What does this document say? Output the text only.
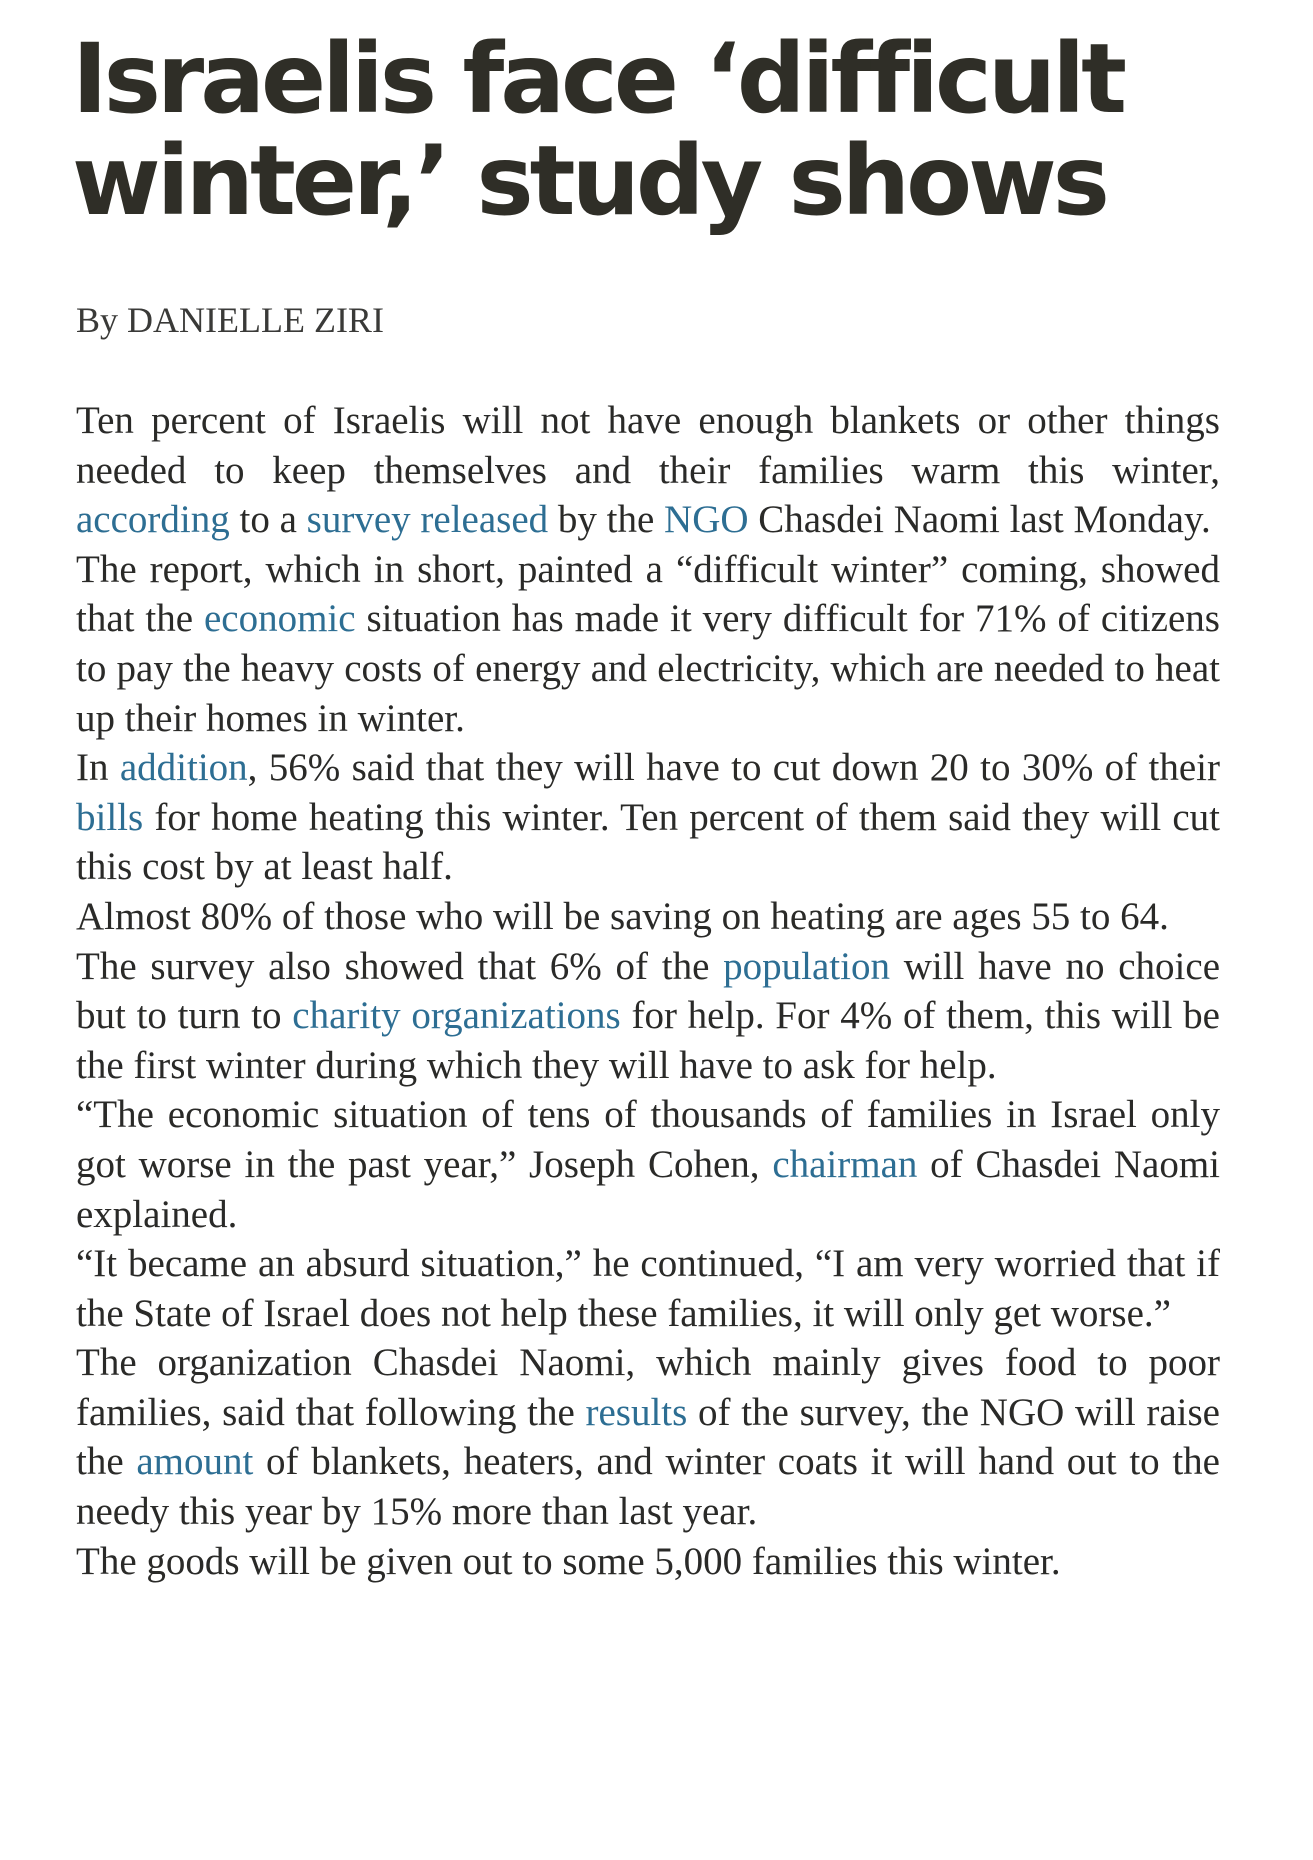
Israelis face ‘difficult winter,’ study shows

By DANIELLE ZIRI

Ten percent of Israelis will not have enough blankets or other things needed to keep themselves and their families warm this winter, according to a survey released by the NGO Chasdei Naomi last Monday.

The report, which in short, painted a “difficult winter” coming, showed that the economic situation has made it very difficult for 71% of citizens to pay the heavy costs of energy and electricity, which are needed to heat up their homes in winter.

In addition, 56% said that they will have to cut down 20 to 30% of their bills for home heating this winter. Ten percent of them said they will cut this cost by at least half.

Almost 80% of those who will be saving on heating are ages 55 to 64.

The survey also showed that 6% of the population will have no choice but to turn to charity organizations for help. For 4% of them, this will be the first winter during which they will have to ask for help.

“The economic situation of tens of thousands of families in Israel only got worse in the past year,” Joseph Cohen, chairman of Chasdei Naomi explained.

“It became an absurd situation,” he continued, “I am very worried that if the State of Israel does not help these families, it will only get worse.”

The organization Chasdei Naomi, which mainly gives food to poor families, said that following the results of the survey, the NGO will raise the amount of blankets, heaters, and winter coats it will hand out to the needy this year by 15% more than last year.

The goods will be given out to some 5,000 families this winter.
